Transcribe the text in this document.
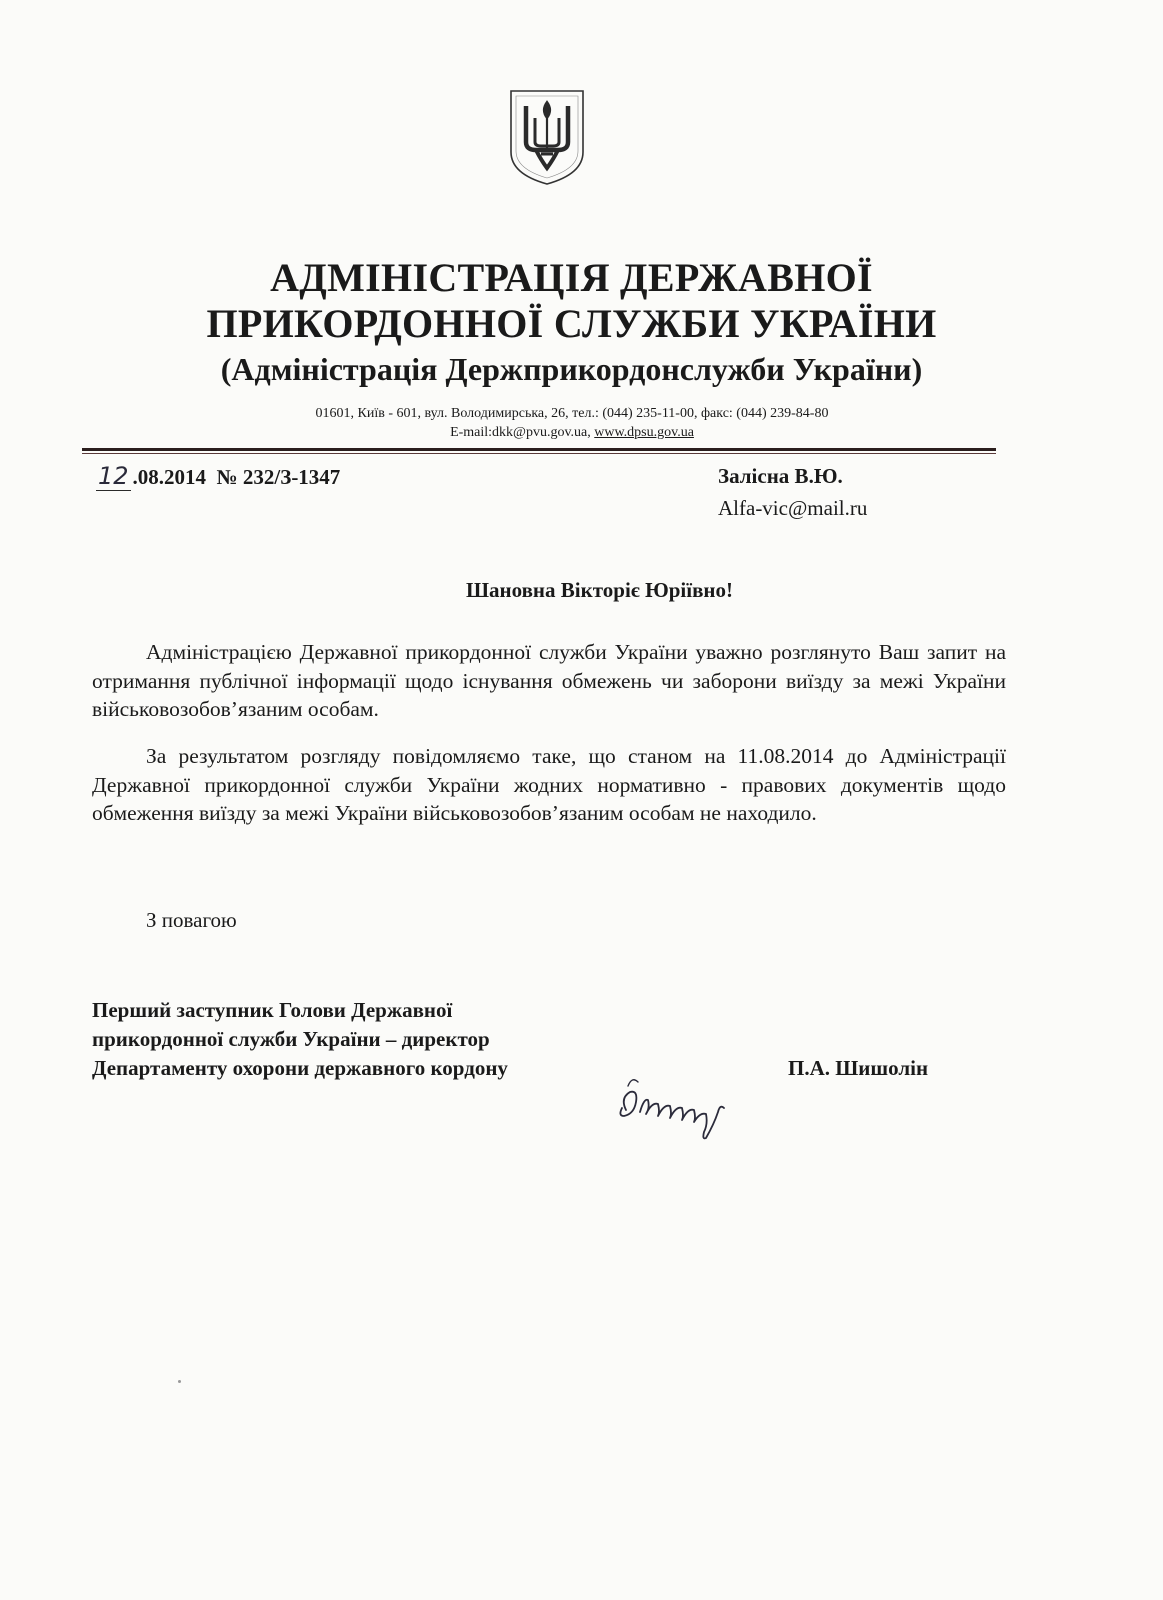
АДМІНІСТРАЦІЯ ДЕРЖАВНОЇ
ПРИКОРДОННОЇ СЛУЖБИ УКРАЇНИ
(Адміністрація Держприкордонслужби України)
01601, Київ - 601, вул. Володимирська, 26, тел.: (044) 235-11-00, факс: (044) 239-84-80
E-mail:dkk@pvu.gov.ua, www.dpsu.gov.ua
12 .08.2014 № 232/З-1347	Залісна В.Ю.
Alfa-vic@mail.ru
Шановна Вікторіє Юріївно!

Адміністрацією Державної прикордонної служби України уважно розглянуто Ваш запит на отримання публічної інформації щодо існування обмежень чи заборони виїзду за межі України військовозобов’язаним особам.

За результатом розгляду повідомляємо таке, що станом на 11.08.2014 до Адміністрації Державної прикордонної служби України жодних нормативно - правових документів щодо обмеження виїзду за межі України військовозобов’язаним особам не находило.

З повагою
Перший заступник Голови Державної
прикордонної служби України – директор
Департаменту охорони державного кордону	П.А. Шишолін
